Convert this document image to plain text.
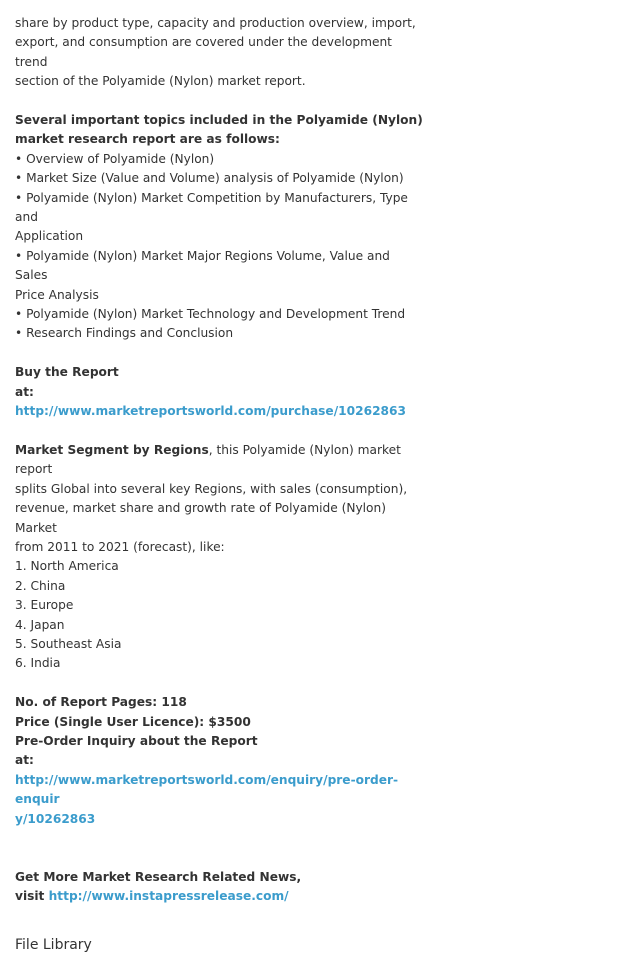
share by product type, capacity and production overview, import,

export, and consumption are covered under the development trend

section of the Polyamide (Nylon) market report.

Several important topics included in the Polyamide (Nylon)

market research report are as follows:

• Overview of Polyamide (Nylon)

• Market Size (Value and Volume) analysis of Polyamide (Nylon)

• Polyamide (Nylon) Market Competition by Manufacturers, Type and

Application

• Polyamide (Nylon) Market Major Regions Volume, Value and Sales

Price Analysis

• Polyamide (Nylon) Market Technology and Development Trend

• Research Findings and Conclusion

Buy the Report

at: http://www.marketreportsworld.com/purchase/10262863

Market Segment by Regions, this Polyamide (Nylon) market report

splits Global into several key Regions, with sales (consumption),

revenue, market share and growth rate of Polyamide (Nylon) Market

from 2011 to 2021 (forecast), like:

1. North America

2. China

3. Europe

4. Japan

5. Southeast Asia

6. India

No. of Report Pages: 118

Price (Single User Licence): $3500

Pre-Order Inquiry about the Report

at:

http://www.marketreportsworld.com/enquiry/pre-order-enquir

y/10262863

Get More Market Research Related News,

visit http://www.instapressrelease.com/

File Library
